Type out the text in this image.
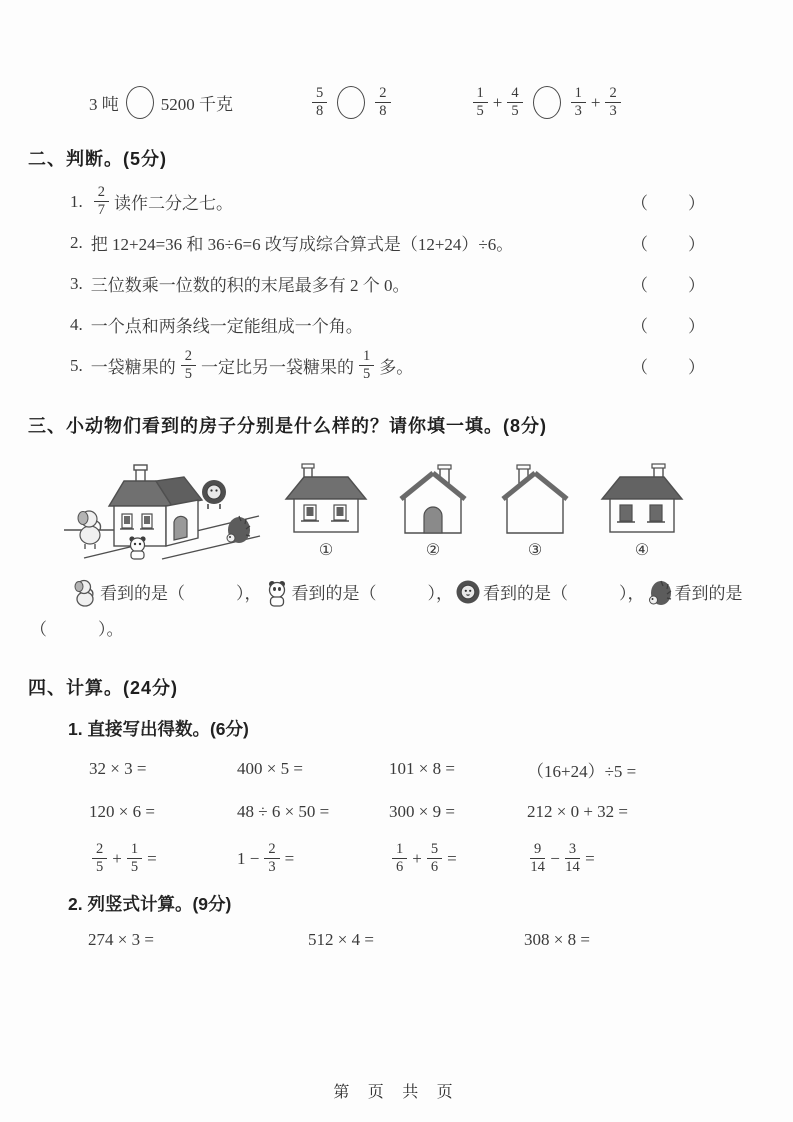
3 吨 5200 千克	$\frac{5}{8}$	$\frac{2}{8}$	$\frac{1}{5} + \frac{4}{5}$	$\frac{1}{3} + \frac{2}{3}$
二、判断。(5分)
1. $\frac{2}{7}$ 读作二分之七。	（　　）
2. 把 12+24=36 和 36÷6=6 改写成综合算式是（12+24）÷6。	（　　）
3. 三位数乘一位数的积的末尾最多有 2 个 0。	（　　）
4. 一个点和两条线一定能组成一个角。	（　　）
5. 一袋糖果的 $\frac{2}{5}$ 一定比另一袋糖果的 $\frac{1}{5}$ 多。	（　　）
三、小动物们看到的房子分别是什么样的？请你填一填。(8分)
①	②	③	④
看到的是（　　　）， 看到的是（　　　）， 看到的是（　　　）， 看到的是（　　　）。
四、计算。(24分)
1. 直接写出得数。(6分)
32 × 3 =	400 × 5 =	101 × 8 =	（16+24）÷5 =
120 × 6 =	48 ÷ 6 × 50 =	300 × 9 =	212 × 0 + 32 =
$\frac{2}{5} + \frac{1}{5}$ =	$1 - \frac{2}{3}$ =	$\frac{1}{6} + \frac{5}{6}$ =	$\frac{9}{14} - \frac{3}{14}$ =
2. 列竖式计算。(9分)
274 × 3 =	512 × 4 =	308 × 8 =
第 页 共 页
